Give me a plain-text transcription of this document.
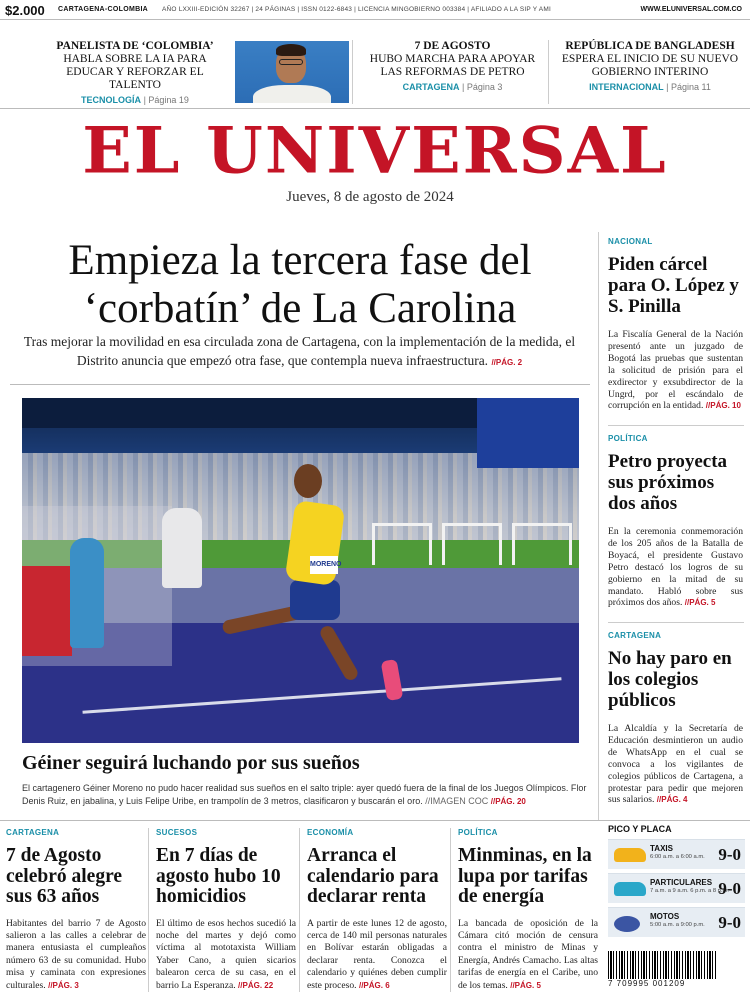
$2.000 CARTAGENA-COLOMBIA AÑO LXXIII-EDICIÓN 32267 | 24 PÁGINAS | ISSN 0122-6843 | LICENCIA MINGOBIERNO 003384 | AFILIADO A LA SIP Y AMI	WWW.ELUNIVERSAL.COM.CO
PANELISTA DE ‘COLOMBIA’
HABLA SOBRE LA IA PARA EDUCAR Y REFORZAR EL TALENTO
TECNOLOGÍA | Página 19
7 DE AGOSTO
HUBO MARCHA PARA APOYAR LAS REFORMAS DE PETRO
CARTAGENA | Página 3
REPÚBLICA DE BANGLADESH
ESPERA EL INICIO DE SU NUEVO GOBIERNO INTERINO
INTERNACIONAL | Página 11
EL UNIVERSAL
Jueves, 8 de agosto de 2024
Empieza la tercera fase del ‘corbatín’ de La Carolina
Tras mejorar la movilidad en esa circulada zona de Cartagena, con la implementación de la medida, el Distrito anuncia que empezó otra fase, que contempla nueva infraestructura. //PÁG. 2
MORENO
Géiner seguirá luchando por sus sueños
El cartagenero Géiner Moreno no pudo hacer realidad sus sueños en el salto triple: ayer quedó fuera de la final de los Juegos Olímpicos. Flor Denis Ruiz, en jabalina, y Luis Felipe Uribe, en trampolín de 3 metros, clasificaron y buscarán el oro. //IMAGEN COC //PÁG. 20
NACIONAL
Piden cárcel para O. López y S. Pinilla

La Fiscalía General de la Nación presentó ante un juzgado de Bogotá las pruebas que sustentan la solicitud de prisión para el exdirector y exsubdirector de la Ungrd, por el escándalo de corrupción en la entidad. //PÁG. 10

POLÍTICA
Petro proyecta sus próximos dos años

En la ceremonia conmemoración de los 205 años de la Batalla de Boyacá, el presidente Gustavo Petro destacó los logros de su gobierno en la mitad de su mandato. Habló sobre sus próximos dos años. //PÁG. 5

CARTAGENA
No hay paro en los colegios públicos

La Alcaldía y la Secretaría de Educación desmintieron un audio de WhatsApp en el cual se convoca a los vigilantes de colegios públicos de Cartagena, a protestar para pedir que mejoren sus salarios. //PÁG. 4

CARTAGENA
7 de Agosto celebró alegre sus 63 años

Habitantes del barrio 7 de Agosto salieron a las calles a celebrar de manera entusiasta el cumpleaños número 63 de su comunidad. Hubo misa y caminata con expresiones culturales. //PÁG. 3

SUCESOS
En 7 días de agosto hubo 10 homicidios

El último de esos hechos sucedió la noche del martes y dejó como víctima al mototaxista William Yaber Cano, a quien sicarios balearon cerca de su casa, en el barrio La Esperanza. //PÁG. 22

ECONOMÍA
Arranca el calendario para declarar renta

A partir de este lunes 12 de agosto, cerca de 140 mil personas naturales en Bolívar estarán obligadas a declarar renta. Conozca el calendario y quiénes deben cumplir este proceso. //PÁG. 6

POLÍTICA
Minminas, en la lupa por tarifas de energía

La bancada de oposición de la Cámara citó moción de censura contra el ministro de Minas y Energía, Andrés Camacho. Las altas tarifas de energía en el Caribe, uno de los temas. //PÁG. 5

PICO Y PLACA
TAXIS
6:00 a.m. a 6:00 a.m. 9-0
PARTICULARES
7 a.m. a 9 a.m. 6 p.m. a 8 p.m.
9-0
MOTOS
5:00 a.m. a 9:00 p.m. 9-0
7 709995 001209
